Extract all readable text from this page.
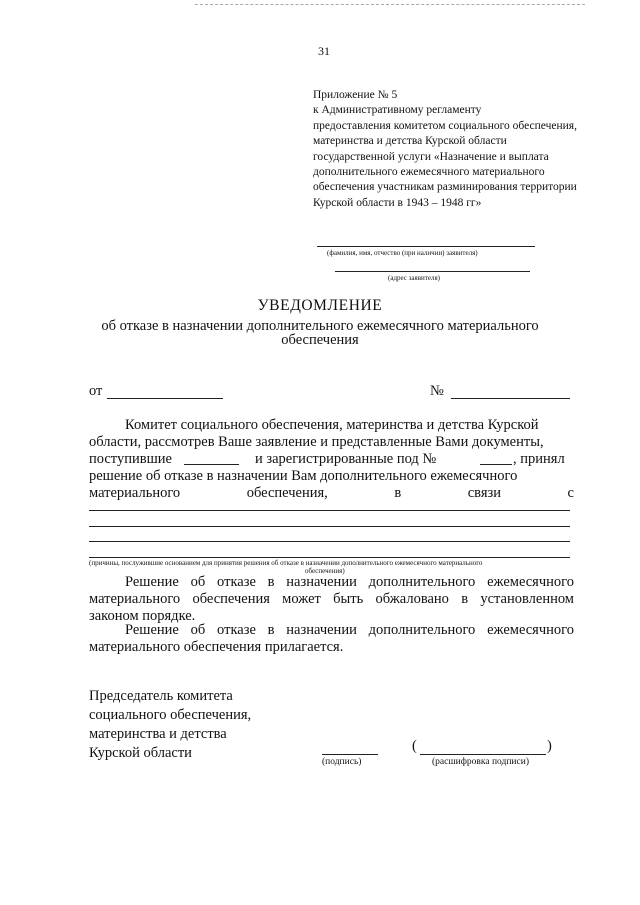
31
Приложение № 5
к Административному регламенту
предоставления комитетом социального обеспечения,
материнства и детства Курской области
государственной услуги «Назначение и выплата
дополнительного ежемесячного материального
обеспечения участникам разминирования территории
Курской области в 1943 – 1948 гг»
(фамилия, имя, отчество (при наличии) заявителя)
(адрес заявителя)
УВЕДОМЛЕНИЕ
об отказе в назначении дополнительного ежемесячного материального
обеспечения
от	№
Комитет социального обеспечения, материнства и детства Курской
области, рассмотрев Ваше заявление и представленные Вами документы,
поступившие	и зарегистрированные под №	, принял
решение об отказе в назначении Вам дополнительного ежемесячного
материального	обеспечения,	в	связи	с
(причины, послужившие основанием для принятия решения об отказе в назначении дополнительного ежемесячного материального
обеспечения)
Решение об отказе в назначении дополнительного ежемесячного материального обеспечения может быть обжаловано в установленном законом порядке.
Решение об отказе в назначении дополнительного ежемесячного материального обеспечения прилагается.
Председатель комитета
социального обеспечения,
материнства и детства
Курской области
(подпись)
(	)
(расшифровка подписи)
